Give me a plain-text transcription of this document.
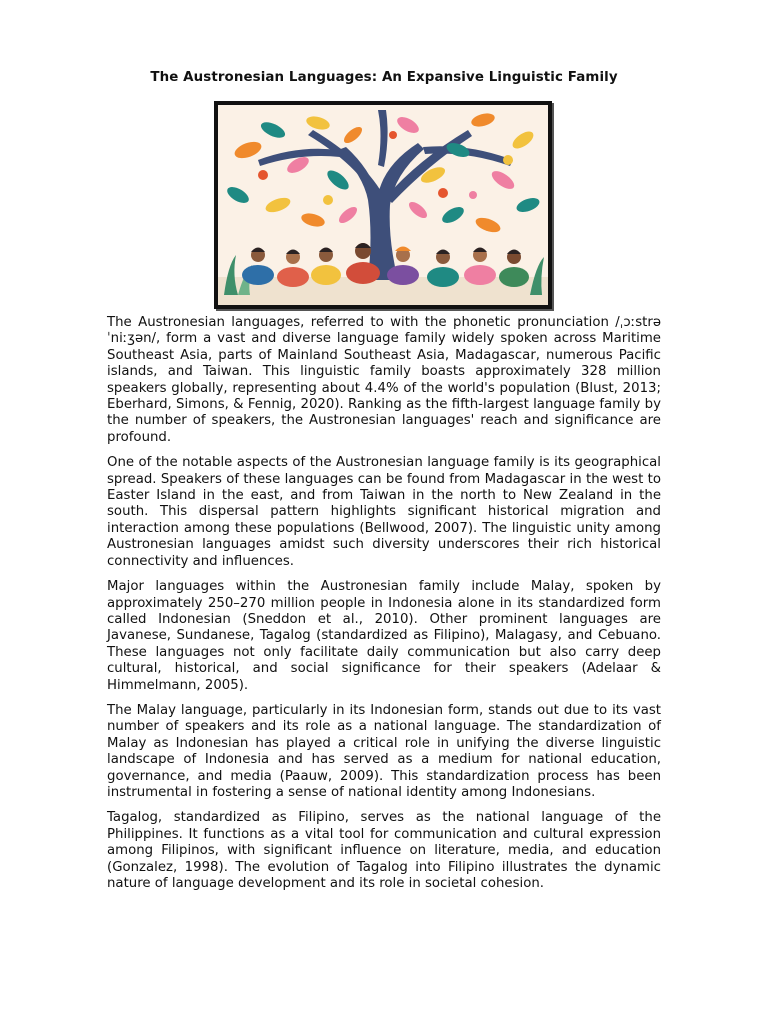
The Austronesian Languages: An Expansive Linguistic Family

The Austronesian languages, referred to with the phonetic pronunciation /ˌɔːstrəˈniːʒən/, form a vast and diverse language family widely spoken across Maritime Southeast Asia, parts of Mainland Southeast Asia, Madagascar, numerous Pacific islands, and Taiwan. This linguistic family boasts approximately 328 million speakers globally, representing about 4.4% of the world's population (Blust, 2013; Eberhard, Simons, & Fennig, 2020). Ranking as the fifth-largest language family by the number of speakers, the Austronesian languages' reach and significance are profound.

One of the notable aspects of the Austronesian language family is its geographical spread. Speakers of these languages can be found from Madagascar in the west to Easter Island in the east, and from Taiwan in the north to New Zealand in the south. This dispersal pattern highlights significant historical migration and interaction among these populations (Bellwood, 2007). The linguistic unity among Austronesian languages amidst such diversity underscores their rich historical connectivity and influences.

Major languages within the Austronesian family include Malay, spoken by approximately 250–270 million people in Indonesia alone in its standardized form called Indonesian (Sneddon et al., 2010). Other prominent languages are Javanese, Sundanese, Tagalog (standardized as Filipino), Malagasy, and Cebuano. These languages not only facilitate daily communication but also carry deep cultural, historical, and social significance for their speakers (Adelaar & Himmelmann, 2005).

The Malay language, particularly in its Indonesian form, stands out due to its vast number of speakers and its role as a national language. The standardization of Malay as Indonesian has played a critical role in unifying the diverse linguistic landscape of Indonesia and has served as a medium for national education, governance, and media (Paauw, 2009). This standardization process has been instrumental in fostering a sense of national identity among Indonesians.

Tagalog, standardized as Filipino, serves as the national language of the Philippines. It functions as a vital tool for communication and cultural expression among Filipinos, with significant influence on literature, media, and education (Gonzalez, 1998). The evolution of Tagalog into Filipino illustrates the dynamic nature of language development and its role in societal cohesion.
